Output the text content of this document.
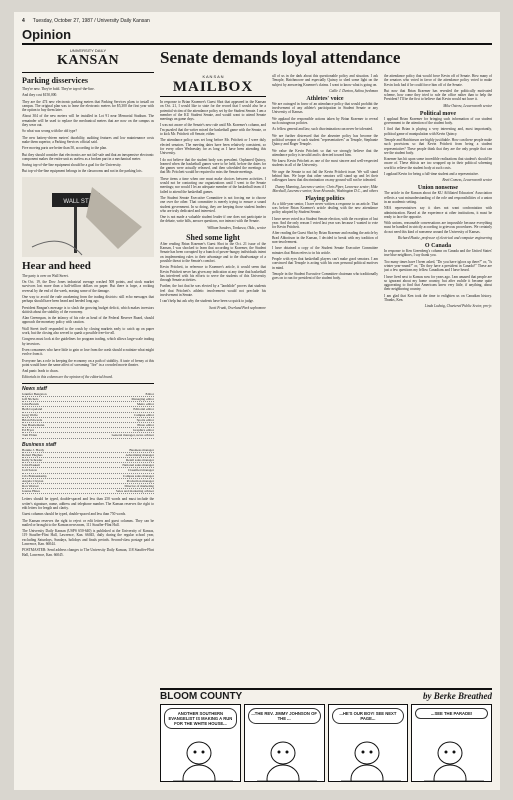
4 Tuesday, October 27, 1987 / University Daily Kansan
Opinion
UNIVERSITY DAILY
KANSAN
Parking disservices

They're new. They're bold. They're top-of-the-line.

And they cost $150,000.

They are the 474 new electronic parking meters that Parking Services plans to install on campus. The original plan was to lease the electronic meters for $5,300 the first year with the option to buy them later.

About 304 of the new meters will be installed in Lot 91 near Memorial Stadium. The remainder will be used to replace the mechanical meters that are now on the campus as they wear out.

So what was wrong with the old type?

The new battery-driven meters' durability, auditing features and low maintenance costs make them superior, a Parking Services official said.

Five moving parts are better than 50, according to the plan.

But they should consider that electronics are not fail-safe and that an inexpensive electronic component makes the entire unit as useless as a broken part in a mechanical meter.

Saving top-of-the-line equipment should be a goal for the University.

But top-of-the-line equipment belongs in the classrooms and not in the parking lots.

WALL ST
Hear and heed

The party is over on Wall Street.

On Oct. 19, the Dow Jones industrial average crashed 508 points, and stock market survivors lost more than a half-trillion dollars on paper. But there is hope, a rocking reversal by the end of the week, erasing some of the damage.

One way to avoid the rude awakening from the trading districts: still echo messages that perhaps should have been heard and heeded long ago.

President Reagan's message is to slash the growing budget deficit, which makes investors skittish about the stability of the economy.

Alan Greenspan, in the infancy of his role as head of the Federal Reserve Board, should approach the monetary policy with caution.

Wall Street itself responded to the crash by closing markets early to catch up on paper work, but the closing also served to quash a possible free-for-all.

Congress must look at the guidelines for program trading, which allows large-scale trading by investors.

Even consumers who have little to gain or lose from the crash should scrutinize what might evolve from it.

Everyone has a role in keeping the economy on a path of stability. A taste of frenzy at this point would have the same affect of screaming "fire" in a crowded movie theater.

And panic leads to chaos.

Editorials in this column are the opinion of the editorial board.
News staff
Jennifer Bengston	Editor
Jeff Nichols	Managing editor
John Borum	Metro editor
Beth Copeland	Editorial editor
Greg Wolfe	Campus editor
Brian Edwards	Sports editor
Sue Buettemann	Photo editor
Ed Fryer	Graphics editor
Tom Eblen	General manager, news adviser
Business staff
Bonnie J. Hardy	Business manager
Robert Hughes	Advertising manager
Kelly Schrader	Retail sales manager
John Plaskett	National sales manager
Jodi Saxon	Classified manager
Cris Bohnenkamp	Campus sales manager
Angela Clayton	Production manager
Ron Weaver	Director of marketing
Jeanne Hines	Sales and marketing adviser

Letters should be typed, double-spaced and less than 250 words and must include the writer's signature, name, address and telephone number. The Kansan reserves the right to edit letters for length and clarity.

Guest columns should be typed, double-spaced and less than 750 words.

The Kansan reserves the right to reject or edit letters and guest columns. They can be mailed or brought to the Kansan newsroom, 111 Stauffer-Flint Hall.

The University Daily Kansan (USPS 650-640) is published at the University of Kansas, 119 Stauffer-Flint Hall, Lawrence, Kan. 66045, daily during the regular school year, excluding Saturdays, Sundays, holidays and finals periods. Second-class postage paid at Lawrence, Kan. 66044.

POSTMASTER: Send address changes to The University Daily Kansan, 118 Stauffer-Flint Hall, Lawrence, Kan. 66045.

Senate demands loyal attendance
K A N S A N
MAILBOX

In response to Brian Kraemer's Guest Shot that appeared in the Kansan on Oct. 21, I would like to state for the record that I would also be a potential victim of the attendance policy set by the Student Senate. I am a member of the KU Student Senate, and would want to attend Senate meetings on game days.

I was not aware of the Senate's new rule until Mr. Kraemer's column, and I'm puzzled that the writer mixed the basketball game with the Senate, or to kick Mr. Pritchett off Senate, either.

The attendance policy was set long before Mr. Pritchett or I were duly elected senators. The meeting dates have been relatively consistent, so for every other Wednesday for as long as I have been attending this University.

I do not believe that the student body was prevalent. Orphaned Quincy, learned when the basketball games were to be held, before the dates for the games were actually released, and then scheduled the meetings so that Mr. Pritchett would be required to miss the Senate meetings.

These items a time when one must make choices between activities. I would not be contacting our organizations until I went to the Senate meetings; nor would I let an adequate member of the basketball team if I failed to attend the basketball games.

The Student Senate Executive Committee is not forcing me to choose one over the other. That committee is merely trying to ensure a sound student government. In so doing, they are keeping those student leaders who are truly dedicated and interested.

One is not made a valuable student leader if one does not participate in the debate, write bills, answer questions, nor interact with the Senate.

William Sanders, Tonkawa, Okla., senior
Shed some light

After reading Brian Kraemer's Guest Shot in the Oct. 21 issue of the Kansan, I was shocked to learn that according to Kraemer, the Student Senate has been corrupted by a bunch of power-hungry individuals intent on implementing rules to their advantage and to the disadvantage of a possible threat to the Senate's comfort.

Kevin Pritchett, in reference to Kraemer's article, it would seem that Kevin Pritchett never has given any indication at any time that basketball has interfered with his efforts to serve the students of this University through Senate activities.

Further, the fact that he was elected by a "landslide" proves that students feel that Pritchett's athletic involvement would not preclude his involvement in Senate.

I can't help but ask why the students have been so quick to judge.

Scott Frank, Overland Park sophomore

all of us in the dark about this questionable policy and situation. I ask Tenople, Hatchmoore and especially Quincy to shed some light on the subject by answering Kraemer's claims. I want to know what is going on.

Callie J. Denton, Salina freshman
Athletes' voice

We are outraged in favor of an attendance policy that would prohibit the involvement of any athlete's participation in Student Senate or any University of Kansas.

We applaud the responsible actions taken by Brian Kraemer to reveal such outrageous policies.

As fellow general and law, such discrimination can never be tolerated.

We are further distressed that the absentee policy has become the political weapon of such student "representatives" as Tenople, Stephanie Quincy and Roger Tenople.

We value the Kevin Pritchett so that we strongly believe that the attendance policy is invalid and is directed toward him.

We know Kevin Pritchett as one of the most sincere and well-respected students in all of the University.

We urge the Senate to not fail the Kevin Pritchett issue. We will stand behind him. We hope that other senators will stand up and let their colleagues know that discrimination on any ground will not be tolerated.

Danny Manning, Lawrence senior; Chris Piper, Lawrence senior; Mike Marshall, Lawrence senior; Sean Alvarado, Washington D.C., and others
Playing politics

As a fifth-year senior, I have never written a response to an article. That was before Brian Kraemer's article dealing with the new attendance policy adopted by Student Senate.

I have never voted in a Student Senate election, with the exception of last year. And the only reason I voted last year was because I wanted to vote for Kevin Pritchett.

After reading the Guest Shot by Brian Kraemer and reading the article by Brad Abbottson in the Kansan, I decided to break with my tradition of non-involvement.

I have obtained a copy of the Student Senate Executive Committee minutes that Brian refers to in his article.

People with eyes that basketball players can't make good senators. I am convinced that Tenople is acting with his own personal political motives in mind.

Tenople in the Student Executive Committee chairman who traditionally goes on to run for president of the student body.

the attendance policy that would force Kevin off of Senate. How many of the senators who voted in favor of the attendance policy voted to make Kevin look bad if he could force him off of the Senate.

But now that Brian Kraemer has revealed the politically motivated scheme, how come they tried to rule the office rather than to help the President? I'll be the first to believe that Kevin would not have it.

Mike Ostrow, Leavenworth senior
Political move

I applaud Brian Kraemer for bringing such information of our student government to the attention of the student body.

I find that Brian is playing a very interesting and, most importantly, political game of manipulation with Kevin Quincy.

Tenople and Hutchinson are highly justifiable. How can these people make such provisions so that Kevin Pritchett from being a student representative? These people think that they are the only people that can see the student body.

Kraemer has hit upon some incredible realizations that student's should be aware of. These elitists are too wrapped up in their political scheming world to relieve the student body at such costs.

I applaud Kevin for being a full-time student and a representative.

Brett Comess, Leavenworth senior
Union nonsense

The article in the Kansan about the KU Affiliated Educators' Association reflects a vast misunderstanding of the role and responsibilities of a union in an academic setting.

NEA representatives say it does not want confrontation with administration. Based at the experience at other institutions, it must be ready to face the opposite.

With unions, reasonable conversations are impossible because everything must be handled in strictly according to grievous procedures. We certainly do not need this kind of nonsense around the University of Kansas.

Richard Hastie, professor of electrical and computer engineering
O Canada

In response to Ken Greenberg's column on Canada and the United States' true blue neighbors, I say thank you.

Too many times have I been asked, "Do you have igloos up there?" or, "Is winter year-round?" or, "Do they have a president in Canada?" These are just a few questions my fellow Canadians and I have heard.

I have lived next to Kansas now for years ago. I am amazed that people are so ignorant about my home country, but after awhile it became quite aggravating to find that Americans knew very little, if anything, about their neighboring country.

I am glad that Ken took the time to enlighten us on Canadian history. Thanks, Ken.

Linda Ludwig, Chartered Public Sector, pro-jr.
BLOOM COUNTY	by Berke Breathed
ANOTHER SOUTHERN EVANGELIST IS MAKING A RUN FOR THE WHITE HOUSE...
...THE REV. JIMMY JOHNSON OF THE ...
...HE'S OUR BOY! SEE NEXT PAGE...
...SEE THE PARADE!
